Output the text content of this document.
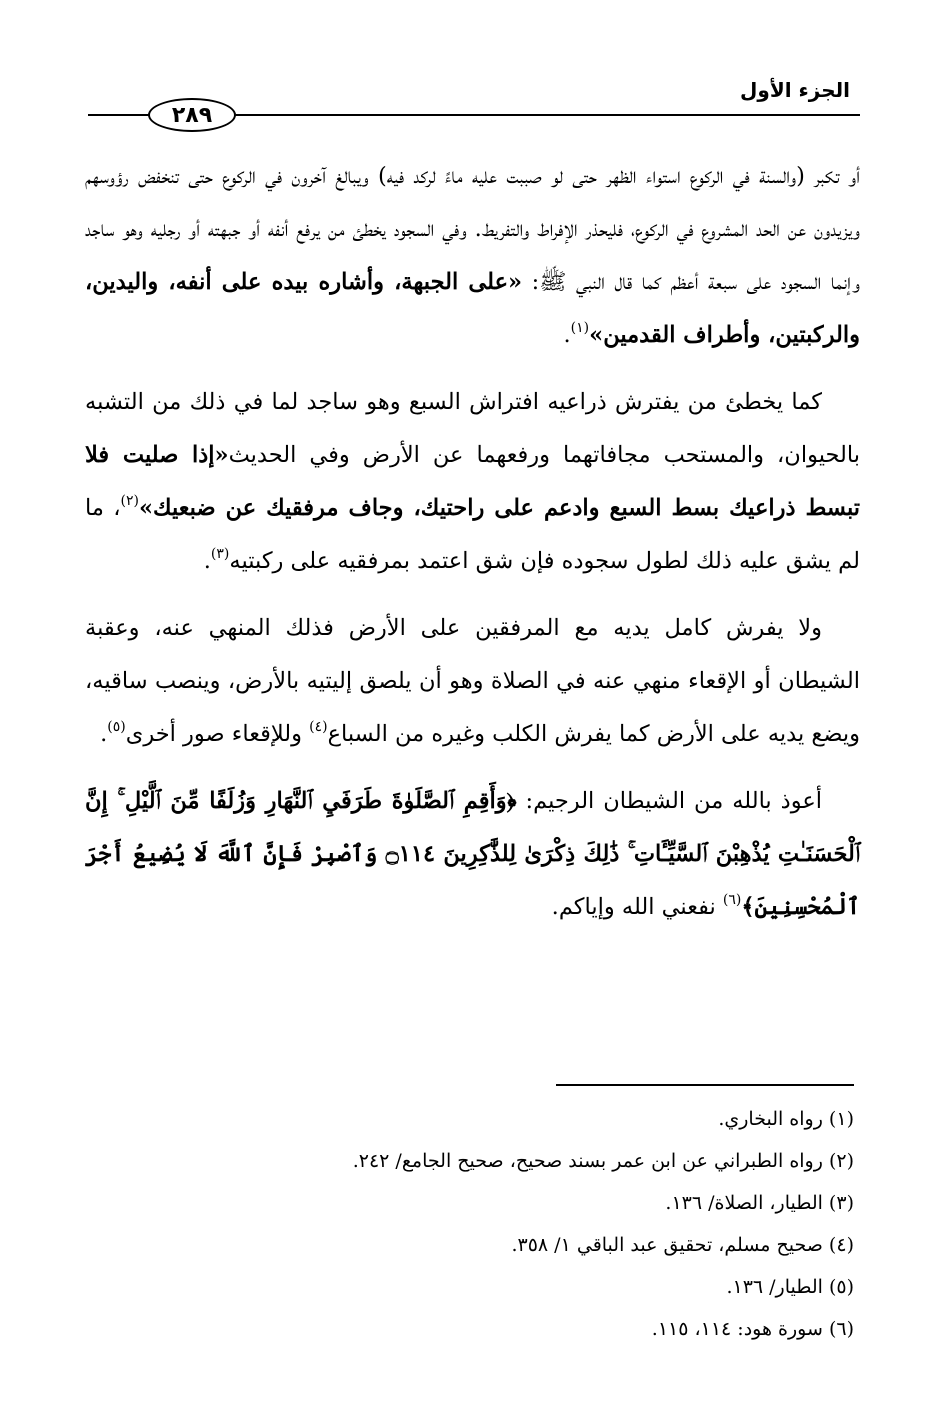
الجزء الأول
٢٨٩

أو تكبر (والسنة في الركوع استواء الظهر حتى لو صببت عليه ماءً لركد فيه) ويبالغ آخرون في الركوع حتى تنخفض رؤوسهم ويزيدون عن الحد المشروع في الركوع، فليحذر الإفراط والتفريط. وفي السجود يخطئ من يرفع أنفه أو جبهته أو رجليه وهو ساجد وإنما السجود على سبعة أعظم كما قال النبي ﷺ: «على الجبهة، وأشاره بيده على أنفه، واليدين، والركبتين، وأطراف القدمين»$^{(١)}$.

كما يخطئ من يفترش ذراعيه افتراش السبع وهو ساجد لما في ذلك من التشبه بالحيوان، والمستحب مجافاتهما ورفعهما عن الأرض وفي الحديث«إذا صليت فلا تبسط ذراعيك بسط السبع وادعم على راحتيك، وجاف مرفقيك عن ضبعيك»$^{(٢)}$، ما لم يشق عليه ذلك لطول سجوده فإن شق اعتمد بمرفقيه على ركبتيه$^{(٣)}$.

ولا يفرش كامل يديه مع المرفقين على الأرض فذلك المنهي عنه، وعقبة الشيطان أو الإقعاء منهي عنه في الصلاة وهو أن يلصق إليتيه بالأرض، وينصب ساقيه، ويضع يديه على الأرض كما يفرش الكلب وغيره من السباع$^{(٤)}$ وللإقعاء صور أخرى$^{(٥)}$.

أعوذ بالله من الشيطان الرجيم: ﴿وَأَقِمِ ٱلصَّلَوٰةَ طَرَفَيِ ٱلنَّهَارِ وَزُلَفًا مِّنَ ٱلَّيْلِ ۚ إِنَّ ٱلْحَسَنَـٰتِ يُذْهِبْنَ ٱلسَّيِّـَٔاتِ ۚ ذَٰلِكَ ذِكْرَىٰ لِلذَّٰكِرِينَ ۝١١٤ وَٱصْبِرْ فَإِنَّ ٱللَّهَ لَا يُضِيعُ أَجْرَ ٱلْمُحْسِنِينَ﴾$^{(٦)}$ نفعني الله وإياكم.

(١) رواه البخاري.

(٢) رواه الطبراني عن ابن عمر بسند صحيح، صحيح الجامع/ ٢٤٢.

(٣) الطيار، الصلاة/ ١٣٦.

(٤) صحيح مسلم، تحقيق عبد الباقي ١/ ٣٥٨.

(٥) الطيار/ ١٣٦.

(٦) سورة هود: ١١٤، ١١٥.
